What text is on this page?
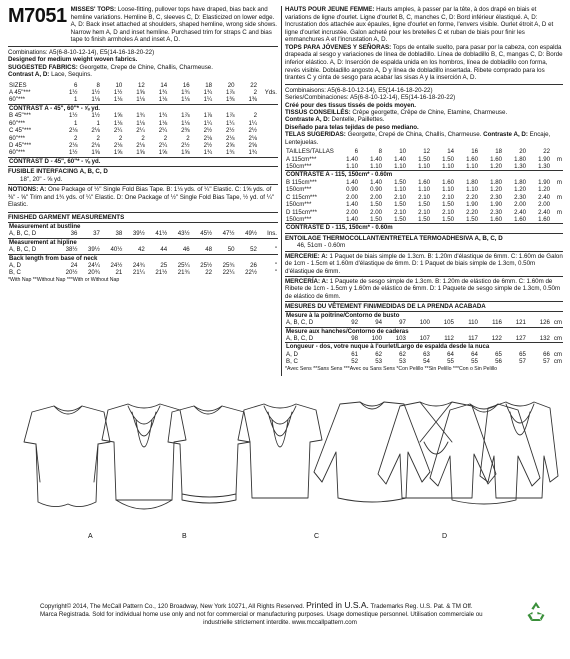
M7051 MISSES' TOPS: Loose-fitting, pullover tops have draped, bias back and hemline variations. Hemline B, C, sleeves C, D: Elasticized on lower edge. A, D: Back inset attached at shoulders, shaped hemline, wrong side shows. Narrow hem A, D and inset hemline. Purchased trim for straps C and bias tape to finish armholes A and inset A, D.

Combinations: A5(6-8-10-12-14), E5(14-16-18-20-22)

Designed for medium weight woven fabrics.

SUGGESTED FABRICS: Georgette, Crepe de Chine, Challis, Charmeuse.

Contrast A, D: Lace, Sequins.

SIZES	6	8	10	12	14	16	18	20	22	
A 45"***	1½	1½	1½	1⅝	1¾	1¾	1¾	1⅞	2	Yds.
60"***	1	1⅛	1⅛	1⅛	1⅛	1⅛	1¼	1⅜	1⅜	
CONTRAST A - 45", 60"* - ⅝ yd.										
B 45"***	1½	1½	1⅝	1¾	1¾	1⅞	1⅞	1⅞	2	
60"***	1	1	1⅛	1⅛	1⅛	1⅛	1¼	1¼	1¼	
C 45"***	2⅛	2⅛	2¼	2¼	2¼	2⅜	2½	2½	2½	
60"***	2	2	2	2	2	2	2⅛	2⅛	2⅛	
D 45"***	2⅛	2⅛	2⅛	2⅛	2¼	2½	2½	2⅝	2⅝	
60"***	1½	1⅝	1⅝	1⅝	1⅝	1⅝	1¾	1¾	1¾	
CONTRAST D - 45", 60"* - ⅝ yd.										

FUSIBLE INTERFACING A, B, C, D

18", 20" - ⅝ yd.

NOTIONS: A: One Package of ½" Single Fold Bias Tape. B: 1⅛ yds. of ¼" Elastic. C: 1⅝ yds. of ⅜" - ⅝" Trim and 1¾ yds. of ¼" Elastic. D: One Package of ½" Single Fold Bias Tape, ½ yd. of ¼" Elastic.

FINISHED GARMENT MEASUREMENTS

Measurement at bustline										
A, B, C, D	36	37	38	39½	41½	43½	45½	47½	49½	Ins.
Measurement at hipline										
A, B, C, D	38½	39½	40½	42	44	46	48	50	52	"
Back length from base of neck										
A, D	24	24¼	24½	24¾	25	25¼	25½	25¾	26	"
B, C	20½	20¾	21	21¼	21½	21¾	22	22¼	22½	"

*With Nap **Without Nap ***With or Without Nap

HAUTS POUR JEUNE FEMME: Hauts amples, à passer par la tête, à dos drapé en biais et variations de ligne d'ourlet. Ligne d'ourlet B, C, manches C, D: Bord inférieur élastiqué. A, D: Incrustation dos attachée aux épaules, ligne d'ourlet en forme, l'envers visible. Ourlet étroit A, D et ligne d'ourlet incrustée. Galon acheté pour les bretelles C et ruban de biais pour finir les emmanchures A et l'incrustation A, D.
TOPS PARA JÓVENES Y SEÑORAS: Tops de entalle suelto, para pasar por la cabeza, con espalda drapeada al sesgo y variaciones de línea de dobladillo. Línea de dobladillo B, C, mangas C, D: Borde inferior elástico. A, D: Inserción de espalda unida en los hombros, línea de dobladillo con forma, revés visible. Dobladillo angosto A, D y línea de dobladillo insertada. Ribete comprado para los tirantes C y cinta de sesgo para acabar las sisas A y la inserción A, D.

Combinaisons: A5(6-8-10-12-14), E5(14-16-18-20-22)

Series/Combinaciones: A5(6-8-10-12-14), E5(14-16-18-20-22)

Créé pour des tissus tissés de poids moyen.

TISSUS CONSEILLÉS: Crêpe georgette, Crêpe de Chine, Etamine, Charmeuse.

Contraste A, D: Dentelle, Paillettes.

Diseñado para telas tejidas de peso mediano.

TELAS SUGERIDAS: Georgette, Crepé de China, Challís, Charmeuse. Contraste A, D: Encaje, Lentejuelas.

TAILLES/TALLAS	6	8	10	12	14	16	18	20	22	
A 115cm***	1.40	1.40	1.40	1.50	1.50	1.60	1.60	1.80	1.90	m
150cm***	1.10	1.10	1.10	1.10	1.10	1.10	1.20	1.30	1.30	
CONTRASTE A - 115, 150cm* - 0.60m										
B 115cm***	1.40	1.40	1.50	1.60	1.60	1.80	1.80	1.80	1.90	m
150cm***	0.90	0.90	1.10	1.10	1.10	1.10	1.20	1.20	1.20	
C 115cm***	2.00	2.00	2.10	2.10	2.10	2.20	2.30	2.30	2.40	m
150cm***	1.40	1.50	1.50	1.50	1.50	1.90	1.90	2.00	2.00	
D 115cm***	2.00	2.00	2.10	2.10	2.10	2.20	2.30	2.40	2.40	m
150cm***	1.40	1.50	1.50	1.50	1.50	1.50	1.60	1.60	1.60	
CONTRASTE D - 115, 150cm* - 0.60m										

ENTOILAGE THERMOCOLLANT/ENTRETELA TERMOADHESIVA A, B, C, D

46, 51cm - 0.60m

MERCERIE: A: 1 Paquet de biais simple de 1.3cm. B: 1.20m d'élastique de 6mm. C: 1.60m de Galon de 1cm - 1.5cm et 1.60m d'élastique de 6mm. D: 1 Paquet de biais simple de 1.3cm, 0.50m d'élastique de 6mm.

MERCERÍA: A: 1 Paquete de sesgo simple de 1.3cm. B: 1.20m de elástico de 6mm. C: 1.60m de Ribete de 1cm - 1.5cm y 1.60m de elástico de 6mm. D: 1 Paquete de sesgo simple de 1.3cm, 0.50m de elástico de 6mm.

MESURES DU VÊTEMENT FINI/MEDIDAS DE LA PRENDA ACABADA

Mesure à la poitrine/Contorno de busto										
A, B, C, D	92	94	97	100	105	110	116	121	126	cm
Mesure aux hanches/Contorno de caderas										
A, B, C, D	98	100	103	107	112	117	122	127	132	cm
Longueur - dos, votre nuque à l'ourlet/Largo de espalda desde la nuca										
A, D	61	62	62	63	64	64	65	65	66	cm
B, C	52	53	53	54	55	55	56	57	57	cm

*Avec Sens **Sans Sens ***Avec ou Sans Sens *Con Pelillo **Sin Pelillo ***Con o Sin Pelillo

A	B	C	D

Copyright© 2014, The McCall Pattern Co., 120 Broadway, New York 10271, All Rights Reserved. Printed in U.S.A. Trademarks Reg. U.S. Pat. & TM Off.

Marca Registrada. Sold for individual home use only and not for commercial or manufacturing purposes. Usage domestique personnel. Utilisation commerciale ou

industrielle strictement interdite. www.mccallpattern.com
